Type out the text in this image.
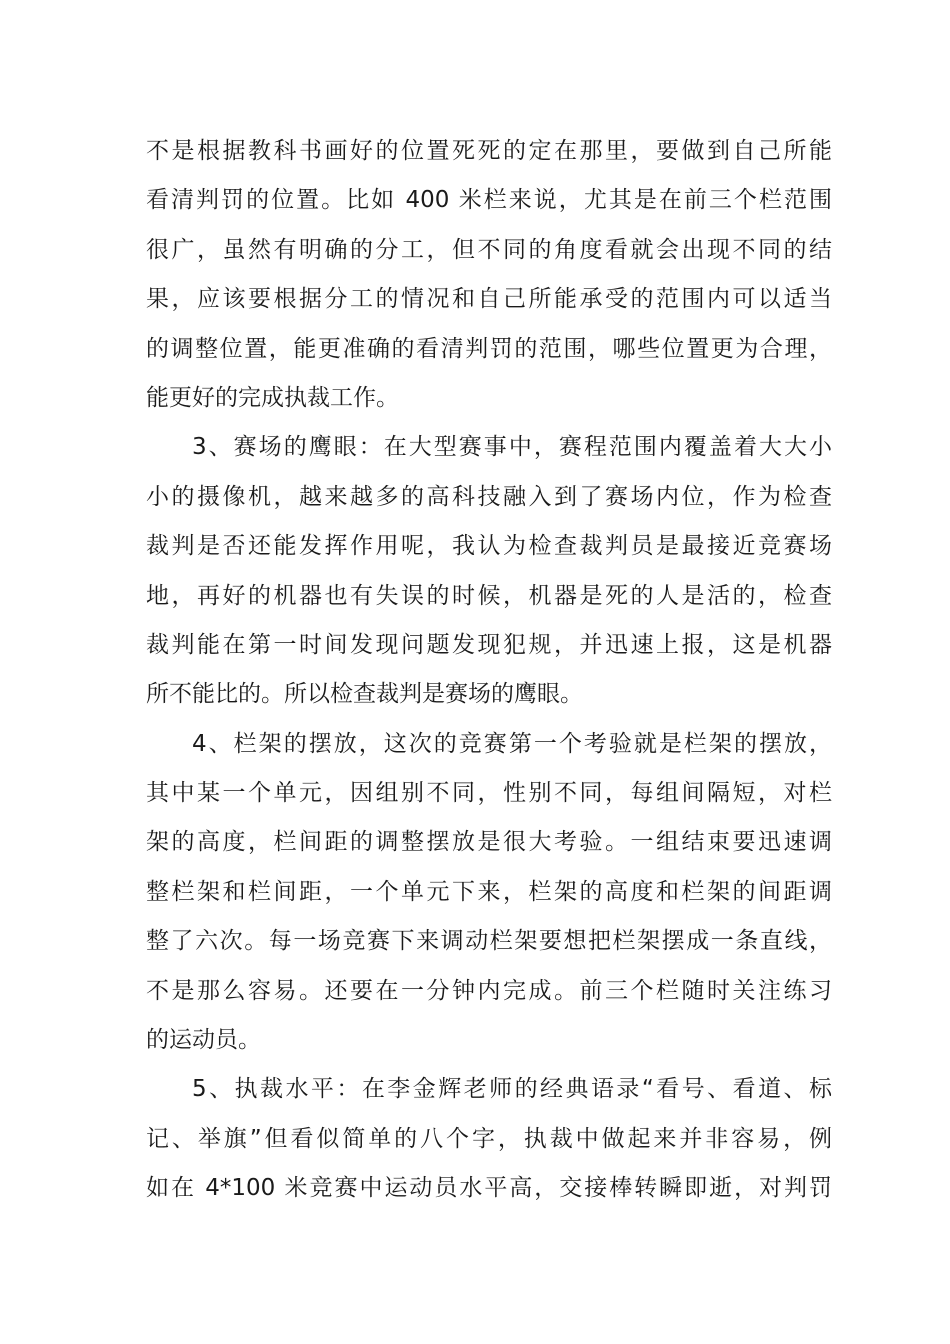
不是根据教科书画好的位置死死的定在那里，要做到自己所能
看清判罚的位置。比如 400 米栏来说，尤其是在前三个栏范围
很广，虽然有明确的分工，但不同的角度看就会出现不同的结
果，应该要根据分工的情况和自己所能承受的范围内可以适当
的调整位置，能更准确的看清判罚的范围，哪些位置更为合理，
能更好的完成执裁工作。
3、赛场的鹰眼：在大型赛事中，赛程范围内覆盖着大大小
小的摄像机，越来越多的高科技融入到了赛场内位，作为检查
裁判是否还能发挥作用呢，我认为检查裁判员是最接近竞赛场
地，再好的机器也有失误的时候，机器是死的人是活的，检查
裁判能在第一时间发现问题发现犯规，并迅速上报，这是机器
所不能比的。所以检查裁判是赛场的鹰眼。
4、栏架的摆放，这次的竞赛第一个考验就是栏架的摆放，
其中某一个单元，因组别不同，性别不同，每组间隔短，对栏
架的高度，栏间距的调整摆放是很大考验。一组结束要迅速调
整栏架和栏间距，一个单元下来，栏架的高度和栏架的间距调
整了六次。每一场竞赛下来调动栏架要想把栏架摆成一条直线，
不是那么容易。还要在一分钟内完成。前三个栏随时关注练习
的运动员。
5、执裁水平：在李金辉老师的经典语录“看号、看道、标
记、举旗”但看似简单的八个字，执裁中做起来并非容易，例
如在 4*100 米竞赛中运动员水平高，交接棒转瞬即逝，对判罚
